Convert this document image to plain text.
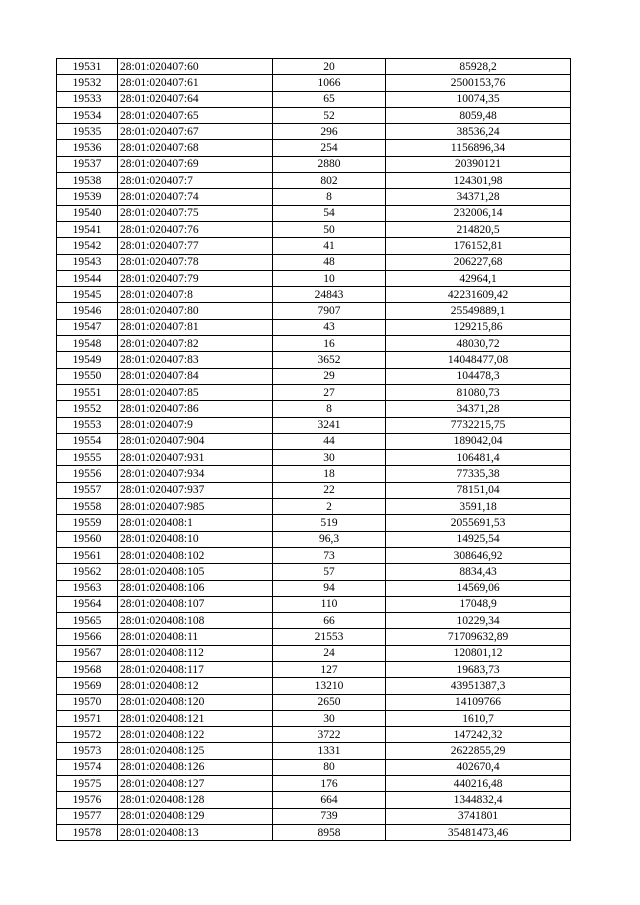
19531	28:01:020407:60	20	85928,2
19532	28:01:020407:61	1066	2500153,76
19533	28:01:020407:64	65	10074,35
19534	28:01:020407:65	52	8059,48
19535	28:01:020407:67	296	38536,24
19536	28:01:020407:68	254	1156896,34
19537	28:01:020407:69	2880	20390121
19538	28:01:020407:7	802	124301,98
19539	28:01:020407:74	8	34371,28
19540	28:01:020407:75	54	232006,14
19541	28:01:020407:76	50	214820,5
19542	28:01:020407:77	41	176152,81
19543	28:01:020407:78	48	206227,68
19544	28:01:020407:79	10	42964,1
19545	28:01:020407:8	24843	42231609,42
19546	28:01:020407:80	7907	25549889,1
19547	28:01:020407:81	43	129215,86
19548	28:01:020407:82	16	48030,72
19549	28:01:020407:83	3652	14048477,08
19550	28:01:020407:84	29	104478,3
19551	28:01:020407:85	27	81080,73
19552	28:01:020407:86	8	34371,28
19553	28:01:020407:9	3241	7732215,75
19554	28:01:020407:904	44	189042,04
19555	28:01:020407:931	30	106481,4
19556	28:01:020407:934	18	77335,38
19557	28:01:020407:937	22	78151,04
19558	28:01:020407:985	2	3591,18
19559	28:01:020408:1	519	2055691,53
19560	28:01:020408:10	96,3	14925,54
19561	28:01:020408:102	73	308646,92
19562	28:01:020408:105	57	8834,43
19563	28:01:020408:106	94	14569,06
19564	28:01:020408:107	110	17048,9
19565	28:01:020408:108	66	10229,34
19566	28:01:020408:11	21553	71709632,89
19567	28:01:020408:112	24	120801,12
19568	28:01:020408:117	127	19683,73
19569	28:01:020408:12	13210	43951387,3
19570	28:01:020408:120	2650	14109766
19571	28:01:020408:121	30	1610,7
19572	28:01:020408:122	3722	147242,32
19573	28:01:020408:125	1331	2622855,29
19574	28:01:020408:126	80	402670,4
19575	28:01:020408:127	176	440216,48
19576	28:01:020408:128	664	1344832,4
19577	28:01:020408:129	739	3741801
19578	28:01:020408:13	8958	35481473,46
